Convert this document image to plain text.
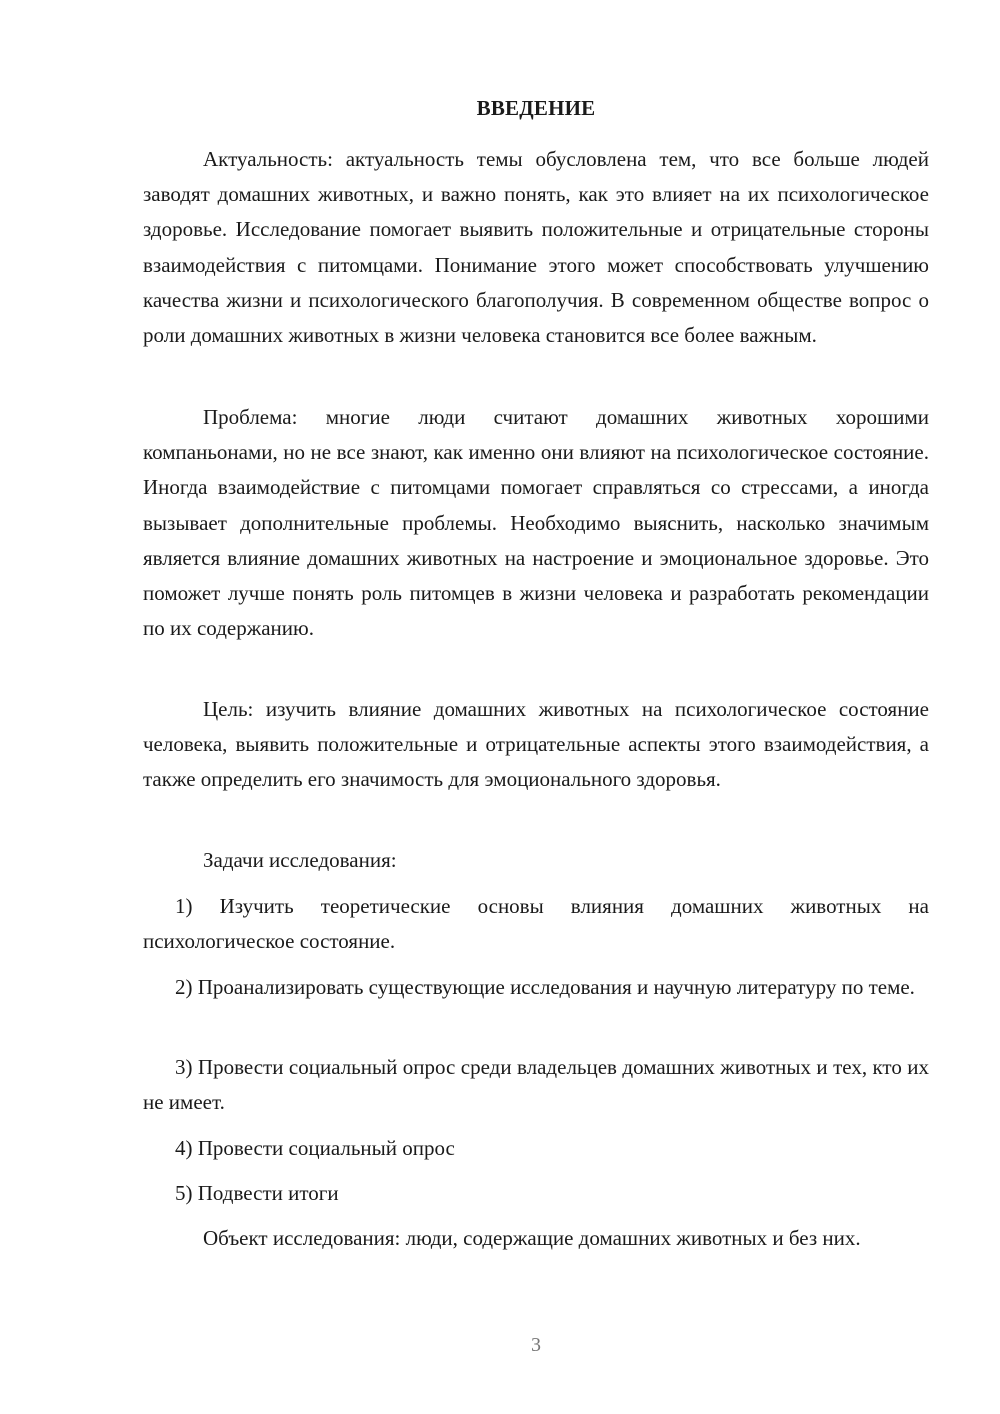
ВВЕДЕНИЕ

Актуальность: актуальность темы обусловлена тем, что все больше людей заводят домашних животных, и важно понять, как это влияет на их психологическое здоровье. Исследование помогает выявить положительные и отрицательные стороны взаимодействия с питомцами. Понимание этого может способствовать улучшению качества жизни и психологического благополучия. В современном обществе вопрос о роли домашних животных в жизни человека становится все более важным.

Проблема: многие люди считают домашних животных хорошими компаньонами, но не все знают, как именно они влияют на психологическое состояние. Иногда взаимодействие с питомцами помогает справляться со стрессами, а иногда вызывает дополнительные проблемы. Необходимо выяснить, насколько значимым является влияние домашних животных на настроение и эмоциональное здоровье. Это поможет лучше понять роль питомцев в жизни человека и разработать рекомендации по их содержанию.

Цель: изучить влияние домашних животных на психологическое состояние человека, выявить положительные и отрицательные аспекты этого взаимодействия, а также определить его значимость для эмоционального здоровья.

Задачи исследования:

1) Изучить теоретические основы влияния домашних животных на психологическое состояние.

2) Проанализировать существующие исследования и научную литературу по теме.

3) Провести социальный опрос среди владельцев домашних животных и тех, кто их не имеет.

4) Провести социальный опрос

5) Подвести итоги

Объект исследования: люди, содержащие домашних животных и без них.

3
